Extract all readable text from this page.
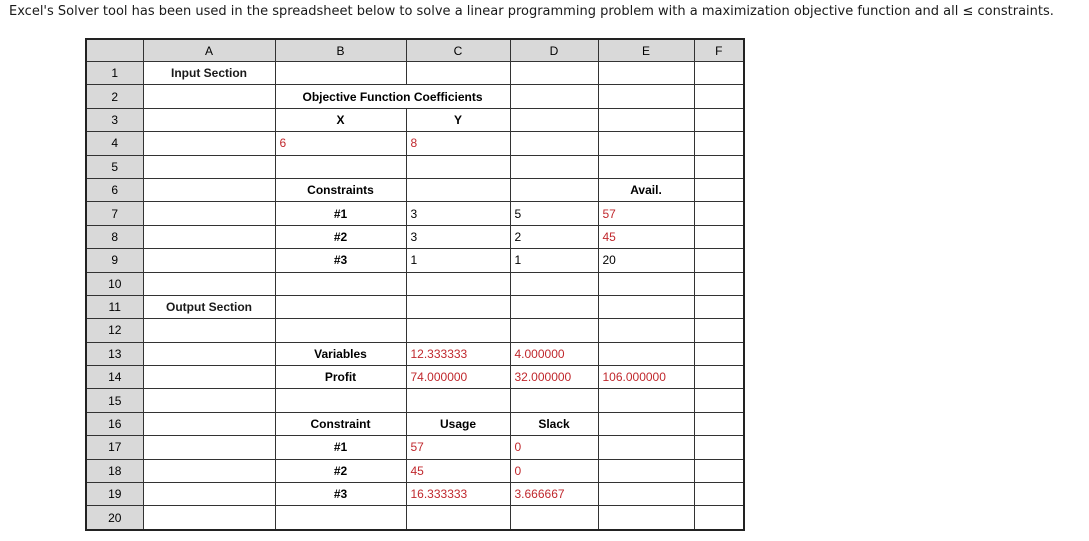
Excel's Solver tool has been used in the spreadsheet below to solve a linear programming problem with a maximization objective function and all ≤ constraints.
	A	B	C	D	E	F
1	Input Section					
2		Objective Function Coefficients				
3		X	Y			
4		6	8			
5						
6		Constraints			Avail.	
7		#1	3	5	57	
8		#2	3	2	45	
9		#3	1	1	20	
10						
11	Output Section					
12						
13		Variables	12.333333	4.000000		
14		Profit	74.000000	32.000000	106.000000	
15						
16		Constraint	Usage	Slack		
17		#1	57	0		
18		#2	45	0		
19		#3	16.333333	3.666667		
20						
